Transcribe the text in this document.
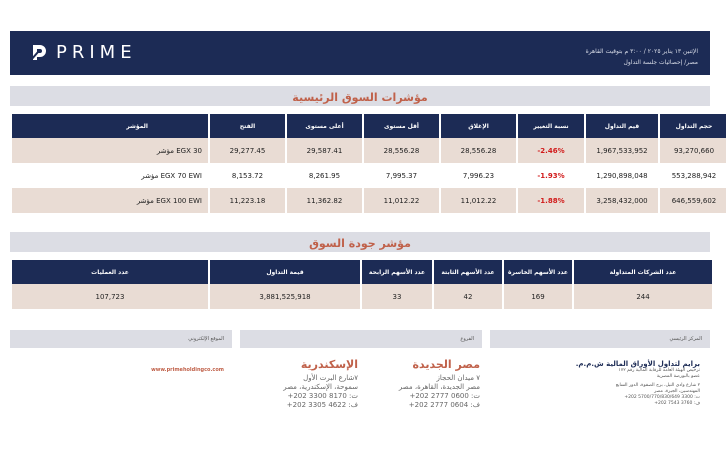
PRIME	الإثنين ١٣ يناير ٢٠٢٥ / ٣:٠٠ م بتوقيت القاهرة
مصر/ إحصائيات جلسة التداول
مؤشرات السوق الرئيسية
المؤشر	الفتح	أعلى مستوى	أقل مستوى	الإغلاق	نسبة التغيير	قيم التداول	حجم التداول
مؤشر EGX 30	29,277.45	29,587.41	28,556.28	28,556.28	-2.46%	1,967,533,952	93,270,660
مؤشر EGX 70 EWI	8,153.72	8,261.95	7,995.37	7,996.23	-1.93%	1,290,898,048	553,288,942
مؤشر EGX 100 EWI	11,223.18	11,362.82	11,012.22	11,012.22	-1.88%	3,258,432,000	646,559,602
مؤشر جودة السوق
عدد العمليات	قيمة التداول	عدد الأسهم الرابحة	عدد الأسهم الثابتة	عدد الأسهم الخاسرة	عدد الشركات المتداولة
107,723	3,881,525,918	33	42	169	244
الموقع الإلكتروني	الفروع	المركز الرئيسي
www.primeholdingco.com	الإسكندرية
٧شارع البرت الأول
سموحة، الإسكندرية، مصر
ت: 8170 3300 202+
ف: 4622 3305 202+
مصر الجديدة
٧ ميدان الحجاز
مصر الجديدة، القاهرة، مصر
ت: 0600 2777 202+
ف: 0604 2777 202+
برايم لتداول الأوراق المالية ش.م.م.
ترخيص الهيئة العامة للرقابة المالية رقم ١٧٢
عضو بالبورصة المصرية
٢ شارع وادي النيل، برج الصفوة، الدور السابع
المهندسين، الجيزة، مصر
ت: 3300 5700/770/830/649 202+
ف: 3760 7543 202+
